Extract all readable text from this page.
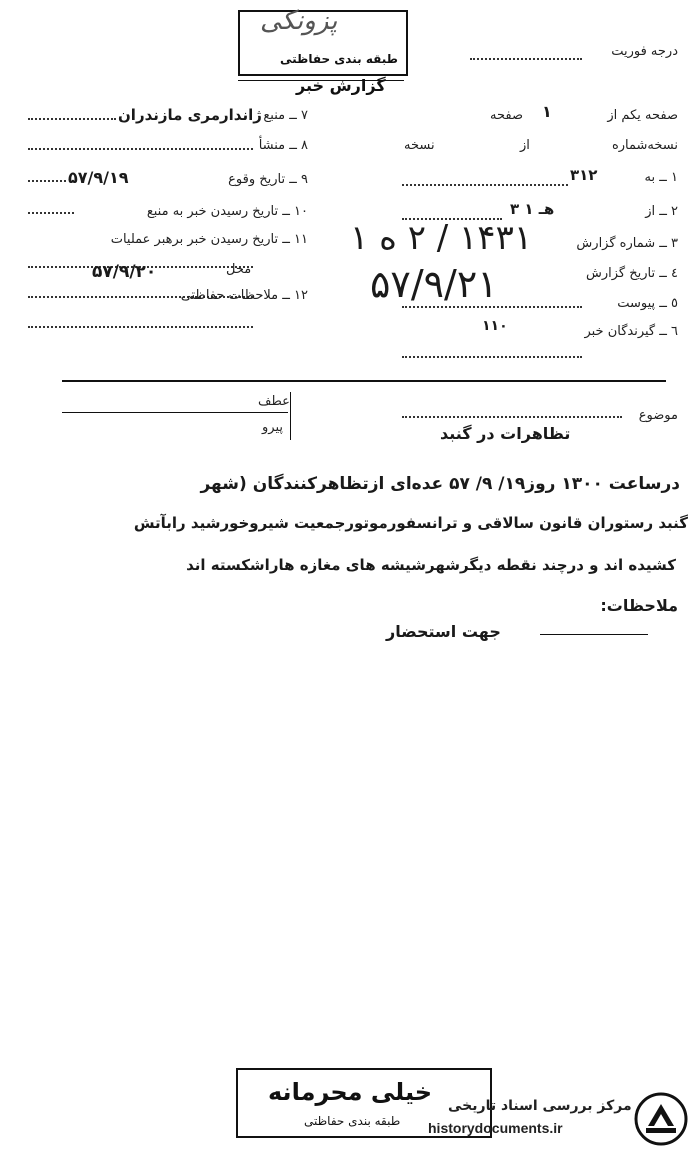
پزونکی
طبقه بندی حفاظتی
گزارش خبر
درجه فوریت
صفحه یکم از
۱
صفحه
نسخه‌شماره
از
نسخه
۱ ــ به
۳۱۲
۲ ــ از
۳ هـ ۱
۳ ــ شماره گزارش
٤ ــ تاریخ گزارش
٥ ــ پیوست
٦ ــ گیرندگان خبر
۱۱۰
۱۴۳۱ / ۲ ه ۱
۵۷/۹/۲۱
۷ ــ منبع
ژاندارمری مازندران
۸ ــ منشأ
۹ ــ تاریخ وقوع
۵۷/۹/۱۹
۱۰ ــ تاریخ رسیدن خبر به منبع
۱۱ ــ تاریخ رسیدن خبر برهبر عملیات
محل
۵۷/۹/۲۰
۱۲ ــ ملاحظات حفاظتی
موضوع
تظاهرات در گنبد
عطف
پیرو
درساعت ۱۳۰۰ روز۱۹/ ۹/ ۵۷ عده‌ای ازتظاهرکنندگان (شهر
گنبد رستوران قانون سالاقی و ترانسفورموتورجمعیت شیروخورشید رابآتش
کشیده اند و درچند نقطه دیگرشهرشیشه های مغازه هاراشکسته اند
ملاحظات:
جهت استحضار
خیلی محرمانه
طبقه بندی حفاظتی
مرکز بررسی اسناد تاریخی
historydocuments.ir
